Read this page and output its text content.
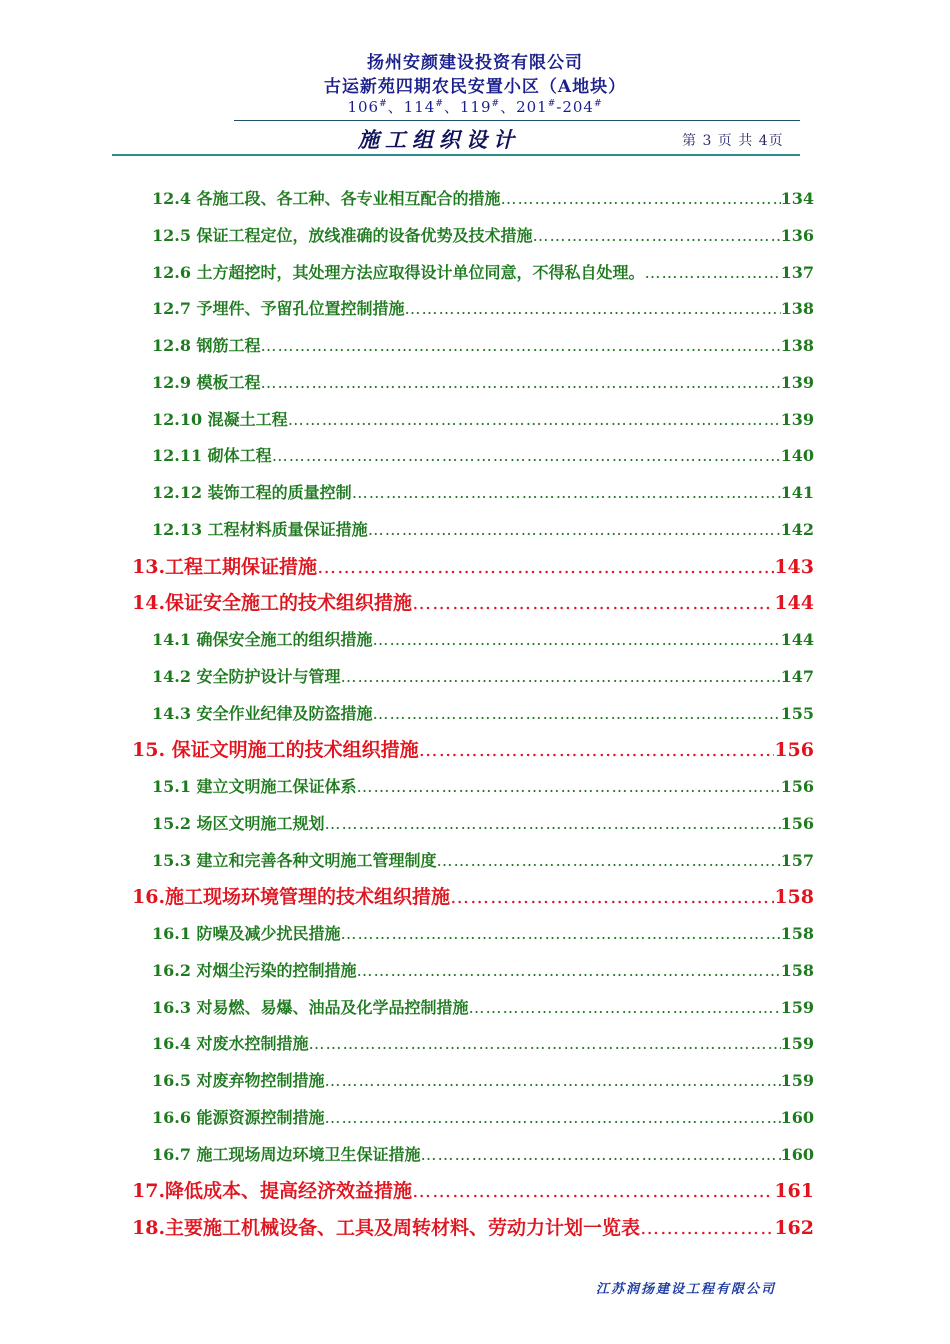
扬州安颜建设投资有限公司
古运新苑四期农民安置小区（A地块）
106#、114#、119#、201#-204#
施工组织设计	第 3 页 共 4页
12.4 各施工段、各工种、各专业相互配合的措施 ……………………………………………………………………………………………………………………………………………………………………	134
12.5 保证工程定位，放线准确的设备优势及技术措施 ……………………………………………………………………………………………………………………………………………………………………	136
12.6 土方超挖时，其处理方法应取得设计单位同意，不得私自处理。 ……………………………………………………………………………………………………………………………………………………………………	137
12.7 予埋件、予留孔位置控制措施 ……………………………………………………………………………………………………………………………………………………………………	138
12.8 钢筋工程 ……………………………………………………………………………………………………………………………………………………………………	138
12.9 模板工程 ……………………………………………………………………………………………………………………………………………………………………	139
12.10 混凝土工程 ……………………………………………………………………………………………………………………………………………………………………	139
12.11 砌体工程 ……………………………………………………………………………………………………………………………………………………………………	140
12.12 装饰工程的质量控制 ……………………………………………………………………………………………………………………………………………………………………	141
12.13 工程材料质量保证措施 ……………………………………………………………………………………………………………………………………………………………………	142
13.工程工期保证措施 ……………………………………………………………………………………………………………………………………………………………………	143
14.保证安全施工的技术组织措施 ……………………………………………………………………………………………………………………………………………………………………	144
14.1 确保安全施工的组织措施 ……………………………………………………………………………………………………………………………………………………………………	144
14.2 安全防护设计与管理 ……………………………………………………………………………………………………………………………………………………………………	147
14.3 安全作业纪律及防盗措施 ……………………………………………………………………………………………………………………………………………………………………	155
15. 保证文明施工的技术组织措施 ……………………………………………………………………………………………………………………………………………………………………	156
15.1 建立文明施工保证体系 ……………………………………………………………………………………………………………………………………………………………………	156
15.2 场区文明施工规划 ……………………………………………………………………………………………………………………………………………………………………	156
15.3 建立和完善各种文明施工管理制度 ……………………………………………………………………………………………………………………………………………………………………	157
16.施工现场环境管理的技术组织措施 ……………………………………………………………………………………………………………………………………………………………………	158
16.1 防噪及减少扰民措施 ……………………………………………………………………………………………………………………………………………………………………	158
16.2 对烟尘污染的控制措施 ……………………………………………………………………………………………………………………………………………………………………	158
16.3 对易燃、易爆、油品及化学品控制措施 ……………………………………………………………………………………………………………………………………………………………………	159
16.4 对废水控制措施 ……………………………………………………………………………………………………………………………………………………………………	159
16.5 对废弃物控制措施 ……………………………………………………………………………………………………………………………………………………………………	159
16.6 能源资源控制措施 ……………………………………………………………………………………………………………………………………………………………………	160
16.7 施工现场周边环境卫生保证措施 ……………………………………………………………………………………………………………………………………………………………………	160
17.降低成本、提高经济效益措施 ……………………………………………………………………………………………………………………………………………………………………	161
18.主要施工机械设备、工具及周转材料、劳动力计划一览表 ……………………………………………………………………………………………………………………………………………………………………	162
江苏润扬建设工程有限公司
